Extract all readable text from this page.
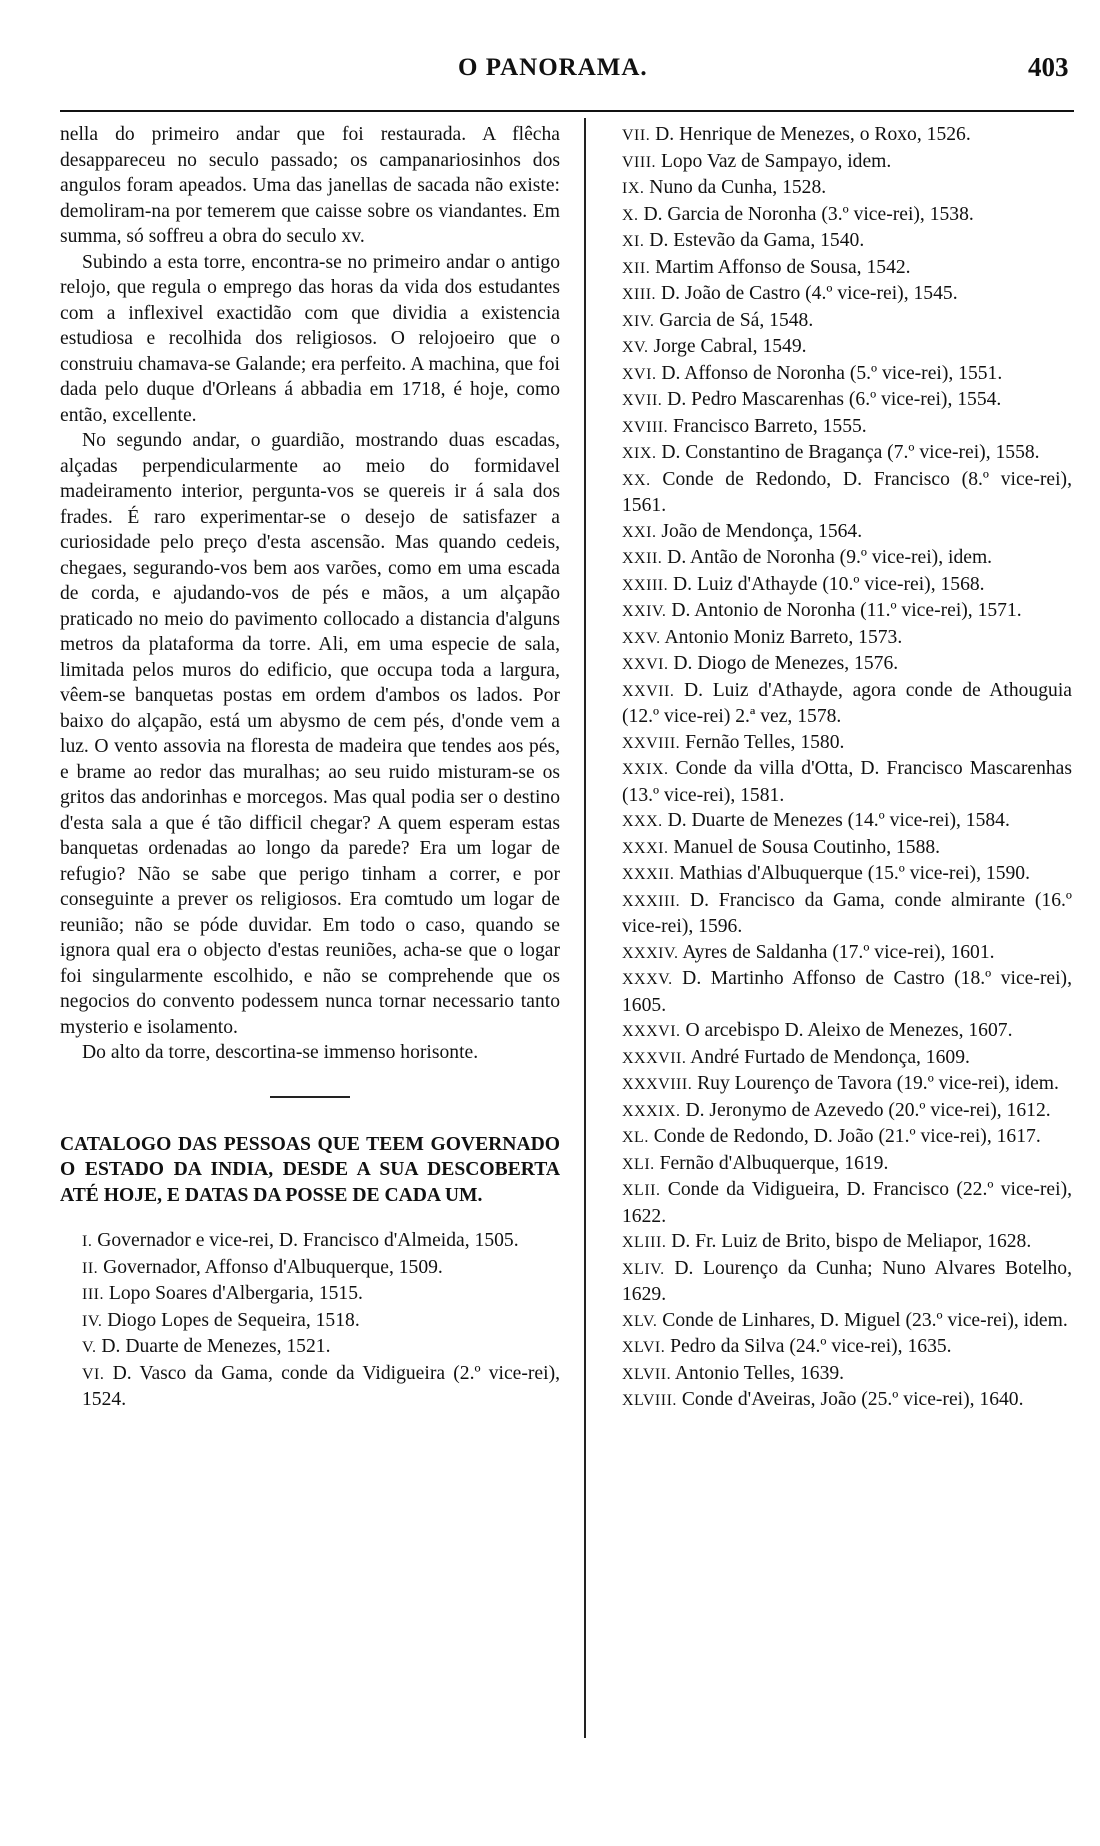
O PANORAMA.	403

nella do primeiro andar que foi restaurada. A flêcha desappareceu no seculo passado; os campanariosinhos dos angulos foram apeados. Uma das janellas de sacada não existe: demoliram-na por temerem que caisse sobre os viandantes. Em summa, só soffreu a obra do seculo xv.

Subindo a esta torre, encontra-se no primeiro andar o antigo relojo, que regula o emprego das horas da vida dos estudantes com a inflexivel exactidão com que dividia a existencia estudiosa e recolhida dos religiosos. O relojoeiro que o construiu chamava-se Galande; era perfeito. A machina, que foi dada pelo duque d'Orleans á abbadia em 1718, é hoje, como então, excellente.

No segundo andar, o guardião, mostrando duas escadas, alçadas perpendicularmente ao meio do formidavel madeiramento interior, pergunta-vos se quereis ir á sala dos frades. É raro experimentar-se o desejo de satisfazer a curiosidade pelo preço d'esta ascensão. Mas quando cedeis, chegaes, segurando-vos bem aos varões, como em uma escada de corda, e ajudando-vos de pés e mãos, a um alçapão praticado no meio do pavimento collocado a distancia d'alguns metros da plataforma da torre. Ali, em uma especie de sala, limitada pelos muros do edificio, que occupa toda a largura, vêem-se banquetas postas em ordem d'ambos os lados. Por baixo do alçapão, está um abysmo de cem pés, d'onde vem a luz. O vento assovia na floresta de madeira que tendes aos pés, e brame ao redor das muralhas; ao seu ruido misturam-se os gritos das andorinhas e morcegos. Mas qual podia ser o destino d'esta sala a que é tão difficil chegar? A quem esperam estas banquetas ordenadas ao longo da parede? Era um logar de refugio? Não se sabe que perigo tinham a correr, e por conseguinte a prever os religiosos. Era comtudo um logar de reunião; não se póde duvidar. Em todo o caso, quando se ignora qual era o objecto d'estas reuniões, acha-se que o logar foi singularmente escolhido, e não se comprehende que os negocios do convento podessem nunca tornar necessario tanto mysterio e isolamento.

Do alto da torre, descortina-se immenso horisonte.

CATALOGO DAS PESSOAS QUE TEEM GOVERNADO O ESTADO DA INDIA, DESDE A SUA DESCOBERTA ATÉ HOJE, E DATAS DA POSSE DE CADA UM.

I. Governador e vice-rei, D. Francisco d'Almeida, 1505.

II. Governador, Affonso d'Albuquerque, 1509.

III. Lopo Soares d'Albergaria, 1515.

IV. Diogo Lopes de Sequeira, 1518.

V. D. Duarte de Menezes, 1521.

VI. D. Vasco da Gama, conde da Vidigueira (2.º vice-rei), 1524.

VII. D. Henrique de Menezes, o Roxo, 1526.

VIII. Lopo Vaz de Sampayo, idem.

IX. Nuno da Cunha, 1528.

X. D. Garcia de Noronha (3.º vice-rei), 1538.

XI. D. Estevão da Gama, 1540.

XII. Martim Affonso de Sousa, 1542.

XIII. D. João de Castro (4.º vice-rei), 1545.

XIV. Garcia de Sá, 1548.

XV. Jorge Cabral, 1549.

XVI. D. Affonso de Noronha (5.º vice-rei), 1551.

XVII. D. Pedro Mascarenhas (6.º vice-rei), 1554.

XVIII. Francisco Barreto, 1555.

XIX. D. Constantino de Bragança (7.º vice-rei), 1558.

XX. Conde de Redondo, D. Francisco (8.º vice-rei), 1561.

XXI. João de Mendonça, 1564.

XXII. D. Antão de Noronha (9.º vice-rei), idem.

XXIII. D. Luiz d'Athayde (10.º vice-rei), 1568.

XXIV. D. Antonio de Noronha (11.º vice-rei), 1571.

XXV. Antonio Moniz Barreto, 1573.

XXVI. D. Diogo de Menezes, 1576.

XXVII. D. Luiz d'Athayde, agora conde de Athouguia (12.º vice-rei) 2.ª vez, 1578.

XXVIII. Fernão Telles, 1580.

XXIX. Conde da villa d'Otta, D. Francisco Mascarenhas (13.º vice-rei), 1581.

XXX. D. Duarte de Menezes (14.º vice-rei), 1584.

XXXI. Manuel de Sousa Coutinho, 1588.

XXXII. Mathias d'Albuquerque (15.º vice-rei), 1590.

XXXIII. D. Francisco da Gama, conde almirante (16.º vice-rei), 1596.

XXXIV. Ayres de Saldanha (17.º vice-rei), 1601.

XXXV. D. Martinho Affonso de Castro (18.º vice-rei), 1605.

XXXVI. O arcebispo D. Aleixo de Menezes, 1607.

XXXVII. André Furtado de Mendonça, 1609.

XXXVIII. Ruy Lourenço de Tavora (19.º vice-rei), idem.

XXXIX. D. Jeronymo de Azevedo (20.º vice-rei), 1612.

XL. Conde de Redondo, D. João (21.º vice-rei), 1617.

XLI. Fernão d'Albuquerque, 1619.

XLII. Conde da Vidigueira, D. Francisco (22.º vice-rei), 1622.

XLIII. D. Fr. Luiz de Brito, bispo de Meliapor, 1628.

XLIV. D. Lourenço da Cunha; Nuno Alvares Botelho, 1629.

XLV. Conde de Linhares, D. Miguel (23.º vice-rei), idem.

XLVI. Pedro da Silva (24.º vice-rei), 1635.

XLVII. Antonio Telles, 1639.

XLVIII. Conde d'Aveiras, João (25.º vice-rei), 1640.
